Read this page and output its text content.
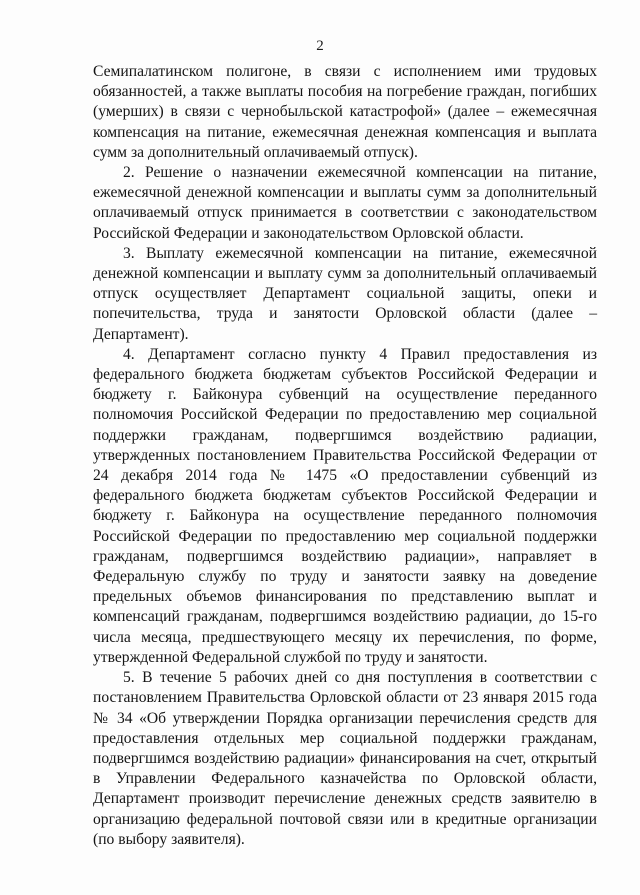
2

Семипалатинском полигоне, в связи с исполнением ими трудовых обязанностей, а также выплаты пособия на погребение граждан, погибших (умерших) в связи с чернобыльской катастрофой» (далее – ежемесячная компенсация на питание, ежемесячная денежная компенсация и выплата сумм за дополнительный оплачиваемый отпуск).

2. Решение о назначении ежемесячной компенсации на питание, ежемесячной денежной компенсации и выплаты сумм за дополнительный оплачиваемый отпуск принимается в соответствии с законодательством Российской Федерации и законодательством Орловской области.

3. Выплату ежемесячной компенсации на питание, ежемесячной денежной компенсации и выплату сумм за дополнительный оплачиваемый отпуск осуществляет Департамент социальной защиты, опеки и попечительства, труда и занятости Орловской области (далее – Департамент).

4. Департамент согласно пункту 4 Правил предоставления из федерального бюджета бюджетам субъектов Российской Федерации и бюджету г. Байконура субвенций на осуществление переданного полномочия Российской Федерации по предоставлению мер социальной поддержки гражданам, подвергшимся воздействию радиации, утвержденных постановлением Правительства Российской Федерации от 24 декабря 2014 года № 1475 «О предоставлении субвенций из федерального бюджета бюджетам субъектов Российской Федерации и бюджету г. Байконура на осуществление переданного полномочия Российской Федерации по предоставлению мер социальной поддержки гражданам, подвергшимся воздействию радиации», направляет в Федеральную службу по труду и занятости заявку на доведение предельных объемов финансирования по представлению выплат и компенсаций гражданам, подвергшимся воздействию радиации, до 15-го числа месяца, предшествующего месяцу их перечисления, по форме, утвержденной Федеральной службой по труду и занятости.

5. В течение 5 рабочих дней со дня поступления в соответствии с постановлением Правительства Орловской области от 23 января 2015 года № 34 «Об утверждении Порядка организации перечисления средств для предоставления отдельных мер социальной поддержки гражданам, подвергшимся воздействию радиации» финансирования на счет, открытый в Управлении Федерального казначейства по Орловской области, Департамент производит перечисление денежных средств заявителю в организацию федеральной почтовой связи или в кредитные организации (по выбору заявителя).
